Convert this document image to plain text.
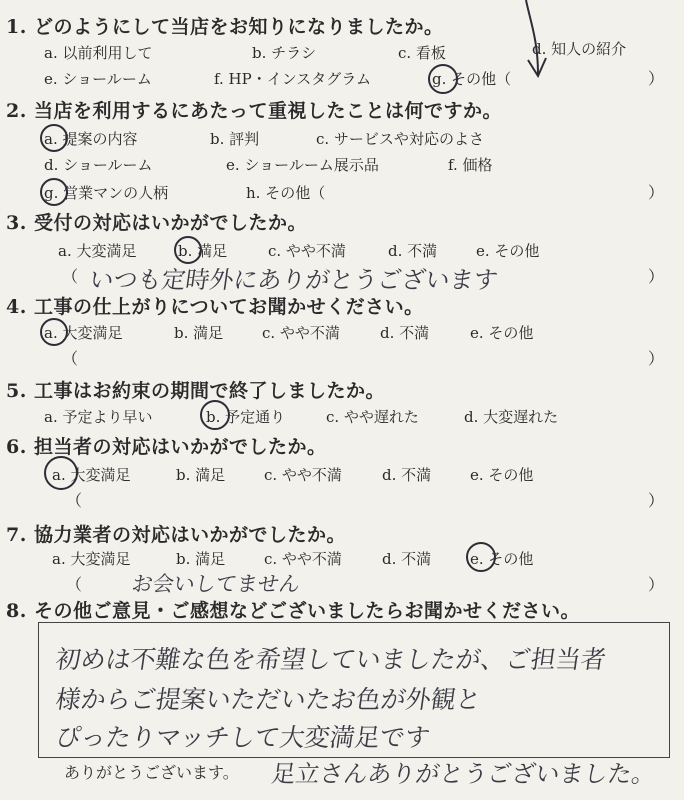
1. どのようにして当店をお知りになりましたか。
a. 以前利用して	b. チラシ	c. 看板	d. 知人の紹介
e. ショールーム	f. HP・インスタグラム	g. その他（	）
2. 当店を利用するにあたって重視したことは何ですか。
a. 提案の内容	b. 評判	c. サービスや対応のよさ
d. ショールーム	e. ショールーム展示品	f. 価格
g. 営業マンの人柄	h. その他（	）
3. 受付の対応はいかがでしたか。
a. 大変満足	b. 満足	c. やや不満	d. 不満	e. その他
（	）
いつも定時外にありがとうございます
4. 工事の仕上がりについてお聞かせください。
a. 大変満足	b. 満足	c. やや不満	d. 不満	e. その他
（	）
5. 工事はお約束の期間で終了しましたか。
a. 予定より早い	b. 予定通り	c. やや遅れた	d. 大変遅れた
6. 担当者の対応はいかがでしたか。
a. 大変満足	b. 満足	c. やや不満	d. 不満	e. その他
（	）
7. 協力業者の対応はいかがでしたか。
a. 大変満足	b. 満足	c. やや不満	d. 不満	e. その他
（	）
お会いしてません
8. その他ご意見・ご感想などございましたらお聞かせください。
初めは不難な色を希望していましたが、ご担当者
様からご提案いただいたお色が外観と
ぴったりマッチして大変満足です
ありがとうございます。 足立さんありがとうございました。
